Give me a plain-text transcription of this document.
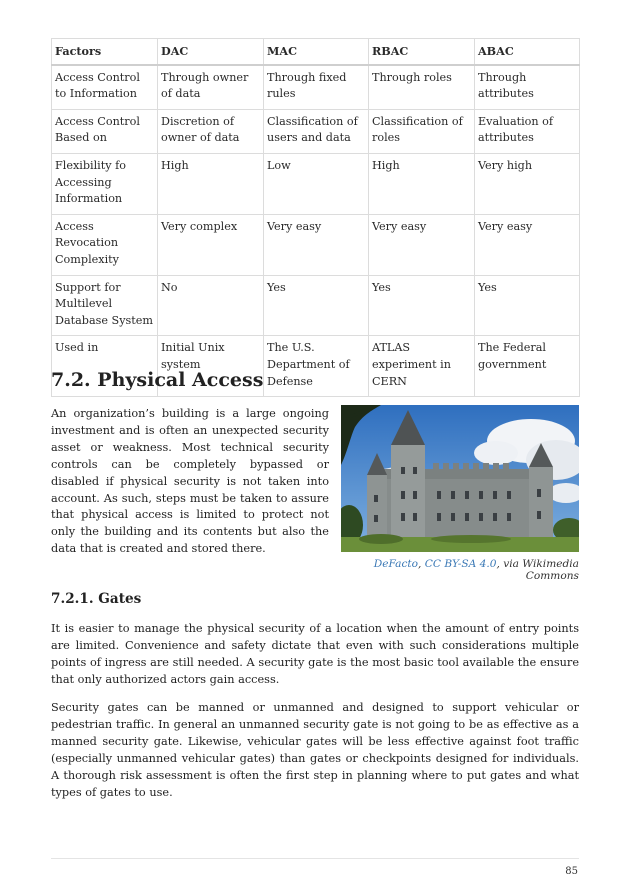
Factors	DAC	MAC	RBAC	ABAC
Access Control to Information	Through owner of data	Through fixed rules	Through roles	Through attributes
Access Control Based on	Discretion of owner of data	Classification of users and data	Classification of roles	Evaluation of attributes
Flexibility fo Accessing Information	High	Low	High	Very high
Access Revocation Complexity	Very complex	Very easy	Very easy	Very easy
Support for Multilevel Database System	No	Yes	Yes	Yes
Used in	Initial Unix system	The U.S. Department of Defense	ATLAS experiment in CERN	The Federal government
7.2. Physical Access

An organization’s building is a large ongoing investment and is often an unexpected security asset or weakness. Most technical security controls can be completely bypassed or disabled if physical security is not taken into account. As such, steps must be taken to assure that physical access is limited to protect not only the building and its contents but also the data that is created and stored there.

DeFacto, CC BY-SA 4.0, via Wikimedia Commons
7.2.1. Gates

It is easier to manage the physical security of a location when the amount of entry points are limited. Convenience and safety dictate that even with such considerations multiple points of ingress are still needed. A security gate is the most basic tool available the ensure that only authorized actors gain access.

Security gates can be manned or unmanned and designed to support vehicular or pedestrian traffic. In general an unmanned security gate is not going to be as effective as a manned security gate. Likewise, vehicular gates will be less effective against foot traffic (especially unmanned vehicular gates) than gates or checkpoints designed for individuals. A thorough risk assessment is often the first step in planning where to put gates and what types of gates to use.

85
